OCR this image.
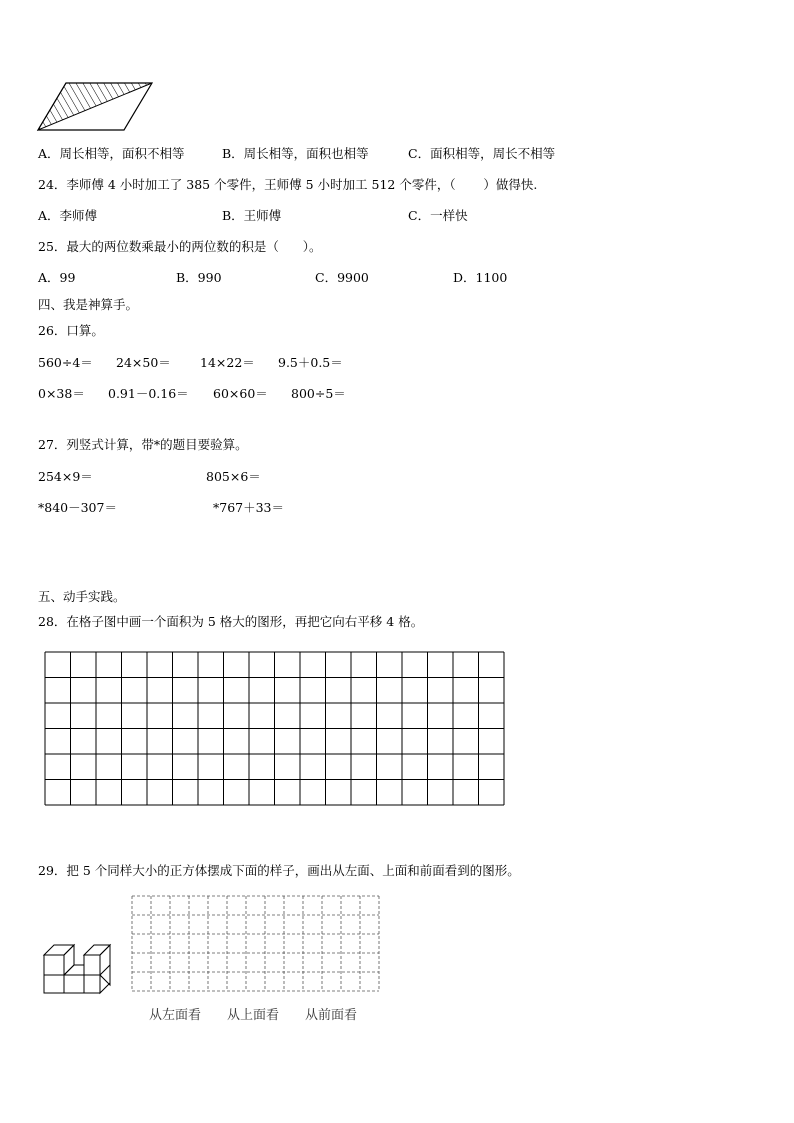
A．周长相等，面积不相等	B．周长相等，面积也相等	C．面积相等，周长不相等
24．李师傅 4 小时加工了 385 个零件，王师傅 5 小时加工 512 个零件，（       ）做得快.
A．李师傅	B．王师傅	C．一样快
25．最大的两位数乘最小的两位数的积是（      ）。
A．99	B．990	C．9900	D．1100
四、我是神算手。
26．口算。
560÷4＝ 24×50＝ 14×22＝ 9.5＋0.5＝
0×38＝ 0.91－0.16＝ 60×60＝ 800÷5＝
27．列竖式计算，带*的题目要验算。
254×9＝	805×6＝
*840－307＝	*767＋33＝
五、动手实践。
28．在格子图中画一个面积为 5 格大的图形，再把它向右平移 4 格。
29．把 5 个同样大小的正方体摆成下面的样子，画出从左面、上面和前面看到的图形。
从左面看 从上面看 从前面看
